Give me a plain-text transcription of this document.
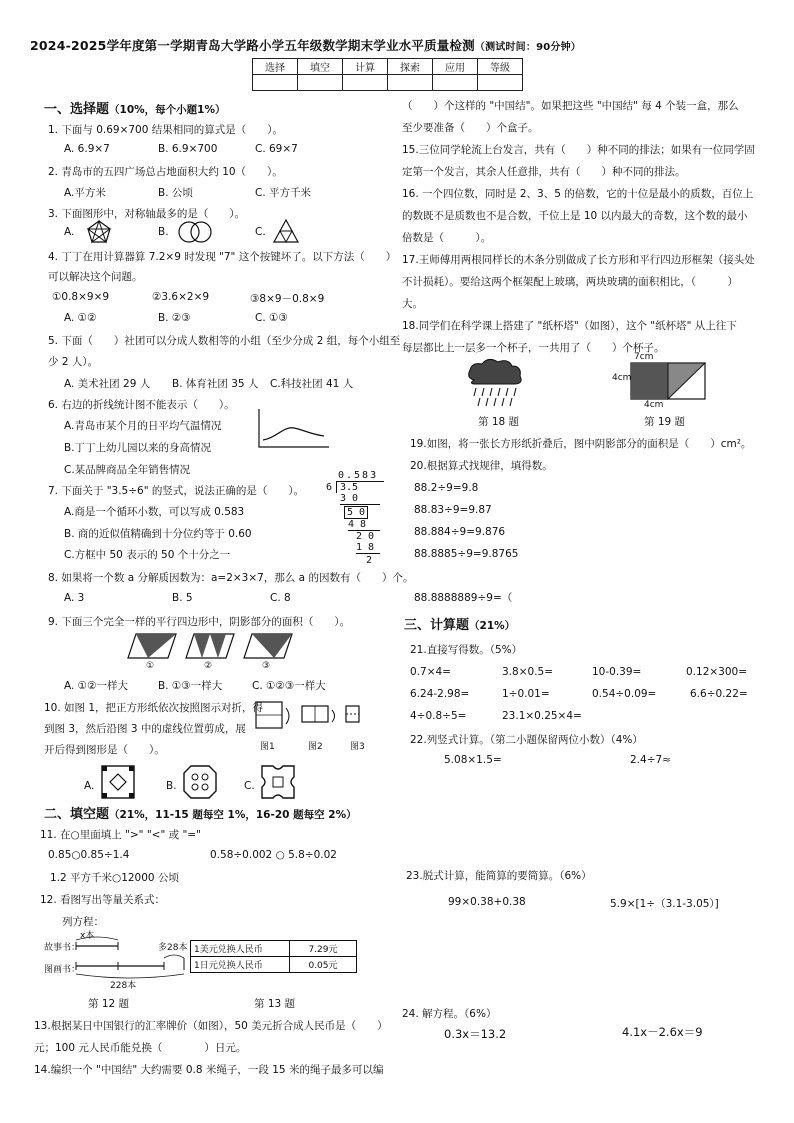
2024-2025学年度第一学期青岛大学路小学五年级数学期末学业水平质量检测（测试时间：90分钟）
选择	填空	计算	探索	应用	等级

一、选择题（10%，每个小题1%）
1. 下面与 0.69×700 结果相同的算式是（　　）。
A. 6.9×7	B. 6.9×700	C. 69×7
2. 青岛市的五四广场总占地面积大约 10（　　）。
A.平方米	B. 公顷	C. 平方千米
3. 下面图形中，对称轴最多的是（　　）。
A.	B.	C.
4. 丁丁在用计算器算 7.2×9 时发现 "7" 这个按键坏了。以下方法（　　）
可以解决这个问题。
①0.8×9×9	②3.6×2×9	③8×9－0.8×9
A. ①②	B. ②③	C. ①③
5. 下面（　　）社团可以分成人数相等的小组（至少分成 2 组，每个小组至
少 2 人）。
A. 美术社团 29 人 B. 体育社团 35 人 C.科技社团 41 人
6. 右边的折线统计图不能表示（　　）。
A.青岛市某个月的日平均气温情况
B.丁丁上幼儿园以来的身高情况
C.某品牌商品全年销售情况
7. 下面关于 "3.5÷6" 的竖式，说法正确的是（　　）。
A.商是一个循环小数，可以写成 0.583
B. 商的近似值精确到十分位约等于 0.60
C.方框中 50 表示的 50 个十分之一
0.583
6 3.5
3 0
5 0
4 8
2 0
1 8
2
8. 如果将一个数 a 分解质因数为：a=2×3×7，那么 a 的因数有（　　）个。
A. 3	B. 5	C. 8
9. 下面三个完全一样的平行四边形中，阴影部分的面积（　　）。
①	②	③
A. ①②一样大	B. ①③一样大	C. ①②③一样大
10. 如图 1，把正方形纸依次按照图示对折，得
到图 3，然后沿图 3 中的虚线位置剪成，展
开后得到图形是（　　）。	图1	图2	图3
A.	B.	C.
二、填空题（21%，11-15 题每空 1%，16-20 题每空 2%）
11. 在○里面填上 ">" "<" 或 "="
0.85○0.85÷1.4	0.58÷0.002 ○ 5.8÷0.02
1.2 平方千米○12000 公顷
12. 看图写出等量关系式：
列方程：
故事书：
图画书：
x本
多28本
228本
1美元兑换人民币	7.29元
1日元兑换人民币	0.05元
第 12 题	第 13 题
13.根据某日中国银行的汇率牌价（如图），50 美元折合成人民币是（　　）
元；100 元人民币能兑换（　　　　）日元。
14.编织一个 "中国结" 大约需要 0.8 米绳子，一段 15 米的绳子最多可以编
（　　）个这样的 "中国结"。如果把这些 "中国结" 每 4 个装一盒，那么
至少要准备（　　）个盒子。
15.三位同学轮流上台发言，共有（　　）种不同的排法；如果有一位同学固
定第一个发言，其余人任意排，共有（　　）种不同的排法。
16. 一个四位数，同时是 2、3、5 的倍数，它的十位是最小的质数，百位上
的数既不是质数也不是合数，千位上是 10 以内最大的奇数，这个数的最小
倍数是（　　　）。
17.王师傅用两根同样长的木条分别做成了长方形和平行四边形框架（接头处
不计损耗）。要给这两个框架配上玻璃，两块玻璃的面积相比，（　　　）
大。
18.同学们在科学课上搭建了 "纸杯塔"（如图），这个 "纸杯塔" 从上往下
每层都比上一层多一个杯子，一共用了（　　）个杯子。
第 18 题
7cm
4cm
4cm
第 19 题
19.如图，将一张长方形纸折叠后，图中阴影部分的面积是（　　）cm²。
20.根据算式找规律，填得数。
88.2÷9=9.8
88.83÷9=9.87
88.884÷9=9.876
88.8885÷9=9.8765
88.8888889÷9=（
三、计算题（21%）
21.直接写得数。（5%）
0.7×4=	3.8×0.5=	10-0.39=	0.12×300=
6.24-2.98=	1÷0.01=	0.54÷0.09=	6.6÷0.22=
4÷0.8÷5=	23.1×0.25×4=
22.列竖式计算。（第二小题保留两位小数）（4%）
5.08×1.5=	2.4÷7≈
23.脱式计算，能简算的要简算。（6%）
99×0.38+0.38	5.9×[1÷（3.1-3.05）]
24. 解方程。（6%）
0.3x＝13.2	4.1x－2.6x＝9
